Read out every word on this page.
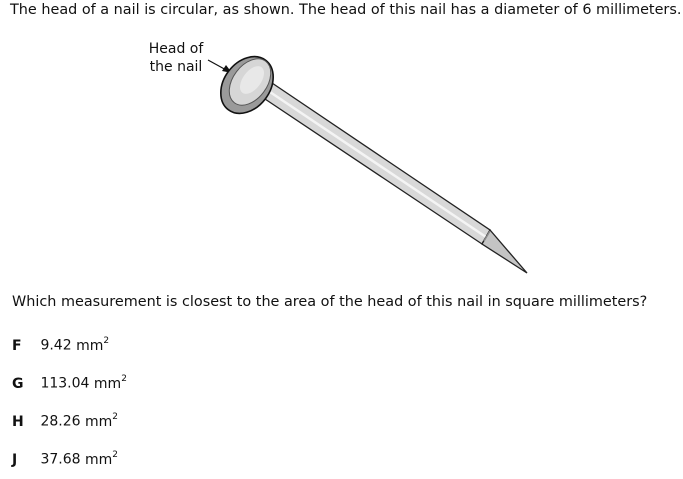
The head of a nail is circular, as shown. The head of this nail has a diameter of 6 millimeters.
Head of
the nail
Which measurement is closest to the area of the head of this nail in square millimeters?
F 9.42 $mm^2$
G 113.04 $mm^2$
H 28.26 $mm^2$
J 37.68 $mm^2$
